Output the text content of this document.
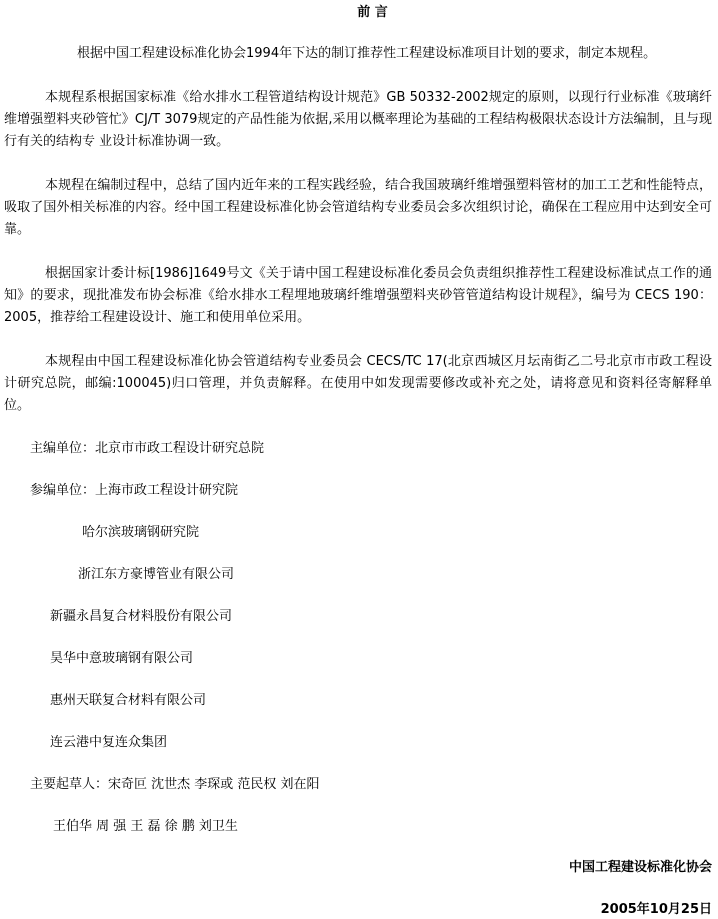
前 言

根据中国工程建设标准化协会1994年下达的制订推荐性工程建设标准项目计划的要求，制定本规程。

本规程系根据国家标准《给水排水工程管道结构设计规范》GB 50332-2002规定的原则，以现行行业标准《玻璃纤维增强塑料夹砂管忙》CJ/T 3079规定的产品性能为依据,采用以概率理论为基础的工程结构极限状态设计方法编制，且与现行有关的结构专 业设计标准协调一致。

本规程在编制过程中，总结了国内近年来的工程实践经验，结合我国玻璃纤维增强塑料管材的加工工艺和性能特点，吸取了国外相关标准的内容。经中国工程建设标准化协会管道结构专业委员会多次组织讨论，确保在工程应用中达到安全可靠。

根据国家计委计标[1986]1649号文《关于请中国工程建设标准化委员会负责组织推荐性工程建设标准试点工作的通知》的要求，现批准发布协会标准《给水排水工程埋地玻璃纤维增强塑料夹砂管管道结构设计规程》，编号为 CECS 190：2005，推荐给工程建设设计、施工和使用单位采用。

本规程由中国工程建设标准化协会管道结构专业委员会 CECS/TC 17(北京西城区月坛南街乙二号北京市市政工程设计研究总院，邮编:100045)归口管理，并负责解释。在使用中如发现需要修改或补充之处，请将意见和资料径寄解释单位。

主编单位：北京市市政工程设计研究总院
参编单位：上海市政工程设计研究院
哈尔滨玻璃钢研究院
浙江东方豪博管业有限公司
新疆永昌复合材料股份有限公司
昊华中意玻璃钢有限公司
惠州天联复合材料有限公司
连云港中复连众集团
主要起草人：宋奇叵 沈世杰 李琛或 范民权 刘在阳
王伯华 周 强 王 磊 徐 鹏 刘卫生
中国工程建设标准化协会
2005年10月25日
